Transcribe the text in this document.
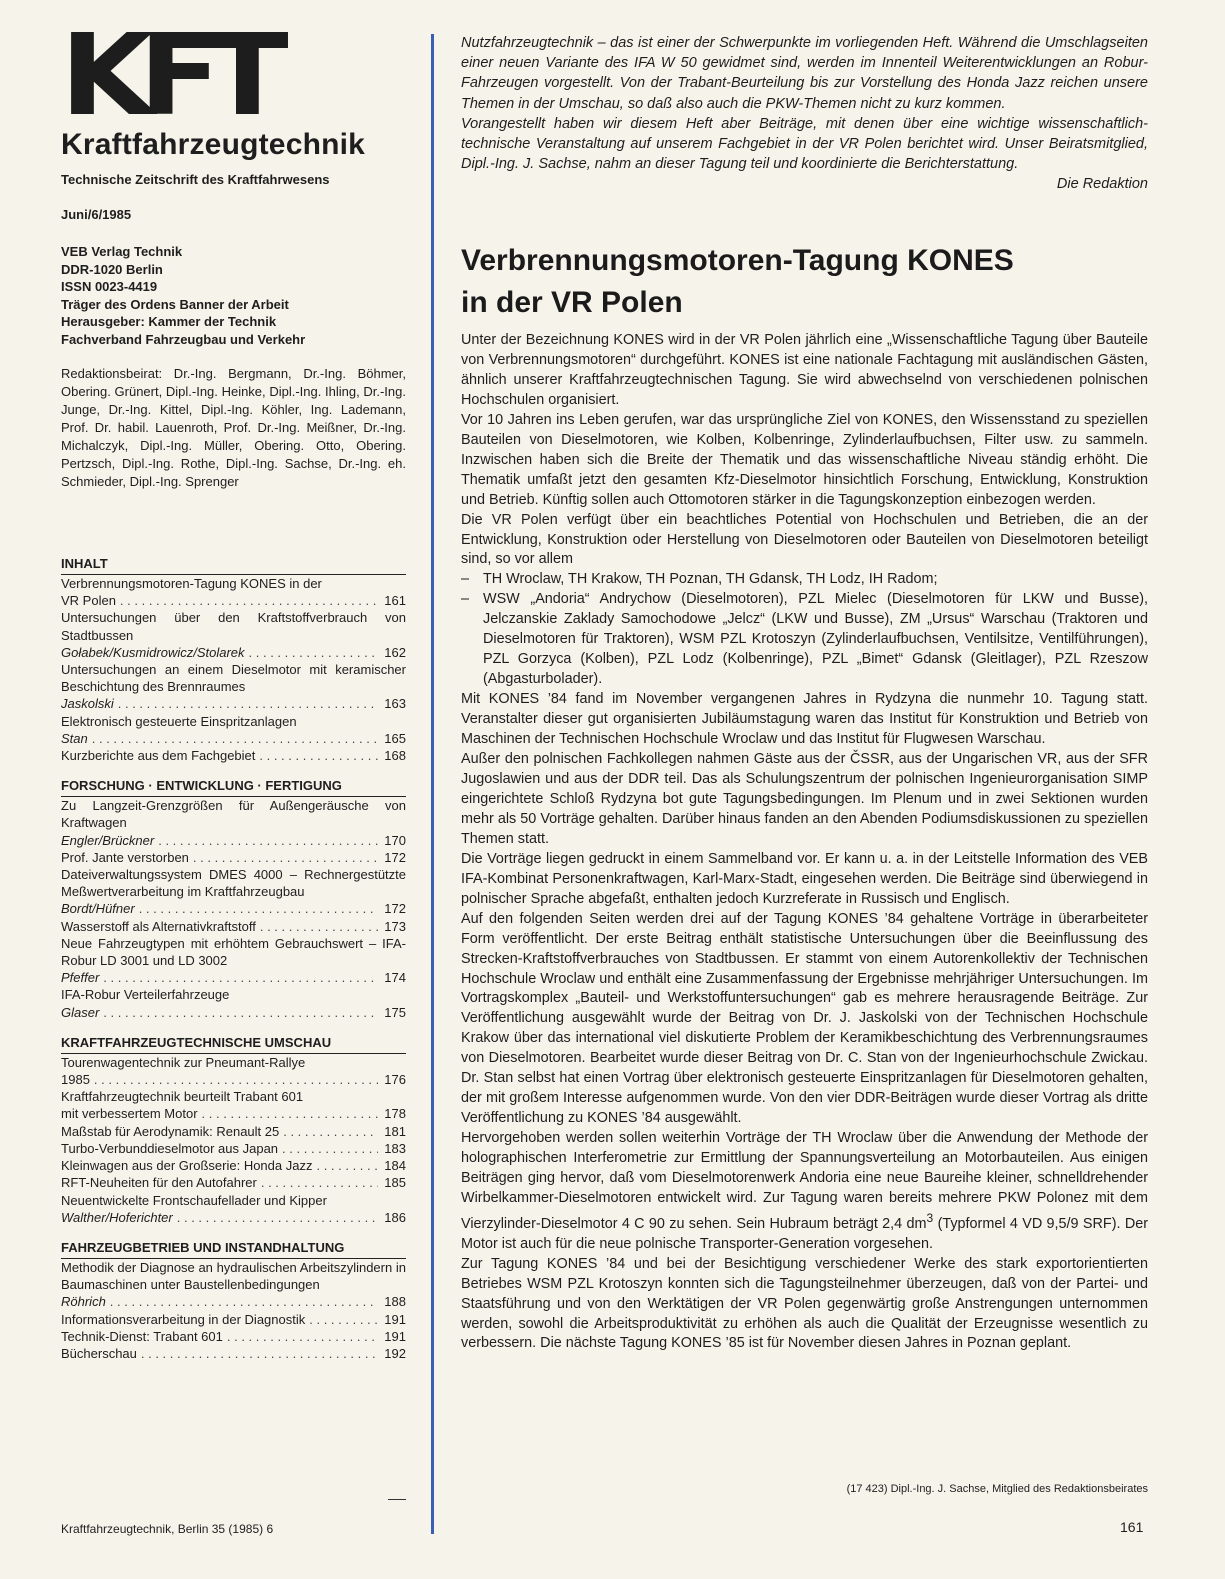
KFT
Kraftfahrzeugtechnik
Technische Zeitschrift des Kraftfahrwesens
Juni/6/1985
VEB Verlag Technik
DDR-1020 Berlin
ISSN 0023-4419
Träger des Ordens Banner der Arbeit
Herausgeber: Kammer der Technik
Fachverband Fahrzeugbau und Verkehr
Redaktionsbeirat: Dr.-Ing. Bergmann, Dr.-Ing. Böhmer, Obering. Grünert, Dipl.-Ing. Heinke, Dipl.-Ing. Ihling, Dr.-Ing. Junge, Dr.-Ing. Kittel, Dipl.-Ing. Köhler, Ing. Lademann, Prof. Dr. habil. Lauenroth, Prof. Dr.-Ing. Meißner, Dr.-Ing. Michalczyk, Dipl.-Ing. Müller, Obering. Otto, Obering. Pertzsch, Dipl.-Ing. Rothe, Dipl.-Ing. Sachse, Dr.-Ing. eh. Schmieder, Dipl.-Ing. Sprenger
INHALT
Verbrennungsmotoren-Tagung KONES in der
VR Polen . . .	161
Untersuchungen über den Kraftstoffverbrauch von Stadtbussen
Gołabek/Kusmidrowicz/Stolarek . . .	162
Untersuchungen an einem Dieselmotor mit keramischer Beschichtung des Brennraumes
Jaskolski . . .	163
Elektronisch gesteuerte Einspritzanlagen
Stan . . .	165
Kurzberichte aus dem Fachgebiet . . .	168
FORSCHUNG · ENTWICKLUNG · FERTIGUNG
Zu Langzeit-Grenzgrößen für Außengeräusche von Kraftwagen
Engler/Brückner . . .	170
Prof. Jante verstorben . . .	172
Dateiverwaltungssystem DMES 4000 – Rechnergestützte Meßwertverarbeitung im Kraftfahrzeugbau
Bordt/Hüfner . . .	172
Wasserstoff als Alternativkraftstoff . . .	173
Neue Fahrzeugtypen mit erhöhtem Gebrauchswert – IFA-Robur LD 3001 und LD 3002
Pfeffer . . .	174
IFA-Robur Verteilerfahrzeuge
Glaser . . .	175
KRAFTFAHRZEUGTECHNISCHE UMSCHAU
Tourenwagentechnik zur Pneumant-Rallye
1985 . . .	176
Kraftfahrzeugtechnik beurteilt Trabant 601
mit verbessertem Motor . . .	178
Maßstab für Aerodynamik: Renault 25 . . .	181
Turbo-Verbunddieselmotor aus Japan . . .	183
Kleinwagen aus der Großserie: Honda Jazz . . .	184
RFT-Neuheiten für den Autofahrer . . .	185
Neuentwickelte Frontschaufellader und Kipper
Walther/Hoferichter . . .	186
FAHRZEUGBETRIEB UND INSTANDHALTUNG
Methodik der Diagnose an hydraulischen Arbeitszylindern in Baumaschinen unter Baustellenbedingungen
Röhrich . . .	188
Informationsverarbeitung in der Diagnostik . . .	191
Technik-Dienst: Trabant 601 . . .	191
Bücherschau . . .	192

Nutzfahrzeugtechnik – das ist einer der Schwerpunkte im vorliegenden Heft. Während die Umschlagseiten einer neuen Variante des IFA W 50 gewidmet sind, werden im Innenteil Weiterentwicklungen an Robur-Fahrzeugen vorgestellt. Von der Trabant-Beurteilung bis zur Vorstellung des Honda Jazz reichen unsere Themen in der Umschau, so daß also auch die PKW-Themen nicht zu kurz kommen.

Vorangestellt haben wir diesem Heft aber Beiträge, mit denen über eine wichtige wissenschaftlich-technische Veranstaltung auf unserem Fachgebiet in der VR Polen berichtet wird. Unser Beiratsmitglied, Dipl.-Ing. J. Sachse, nahm an dieser Tagung teil und koordinierte die Berichterstattung.

Die Redaktion

Verbrennungsmotoren-Tagung KONES
in der VR Polen

Unter der Bezeichnung KONES wird in der VR Polen jährlich eine „Wissenschaftliche Tagung über Bauteile von Verbrennungsmotoren“ durchgeführt. KONES ist eine nationale Fachtagung mit ausländischen Gästen, ähnlich unserer Kraftfahrzeugtechnischen Tagung. Sie wird abwechselnd von verschiedenen polnischen Hochschulen organisiert.

Vor 10 Jahren ins Leben gerufen, war das ursprüngliche Ziel von KONES, den Wissensstand zu speziellen Bauteilen von Dieselmotoren, wie Kolben, Kolbenringe, Zylinderlaufbuchsen, Filter usw. zu sammeln. Inzwischen haben sich die Breite der Thematik und das wissenschaftliche Niveau ständig erhöht. Die Thematik umfaßt jetzt den gesamten Kfz-Dieselmotor hinsichtlich Forschung, Entwicklung, Konstruktion und Betrieb. Künftig sollen auch Ottomotoren stärker in die Tagungskonzeption einbezogen werden.

Die VR Polen verfügt über ein beachtliches Potential von Hochschulen und Betrieben, die an der Entwicklung, Konstruktion oder Herstellung von Dieselmotoren oder Bauteilen von Dieselmotoren beteiligt sind, so vor allem

– TH Wroclaw, TH Krakow, TH Poznan, TH Gdansk, TH Lodz, IH Radom;
– WSW „Andoria“ Andrychow (Dieselmotoren), PZL Mielec (Dieselmotoren für LKW und Busse), Jelczanskie Zaklady Samochodowe „Jelcz“ (LKW und Busse), ZM „Ursus“ Warschau (Traktoren und Dieselmotoren für Traktoren), WSM PZL Krotoszyn (Zylinderlaufbuchsen, Ventilsitze, Ventilführungen), PZL Gorzyca (Kolben), PZL Lodz (Kolbenringe), PZL „Bimet“ Gdansk (Gleitlager), PZL Rzeszow (Abgasturbolader).

Mit KONES ’84 fand im November vergangenen Jahres in Rydzyna die nunmehr 10. Tagung statt. Veranstalter dieser gut organisierten Jubiläumstagung waren das Institut für Konstruktion und Betrieb von Maschinen der Technischen Hochschule Wroclaw und das Institut für Flugwesen Warschau.

Außer den polnischen Fachkollegen nahmen Gäste aus der ČSSR, aus der Ungarischen VR, aus der SFR Jugoslawien und aus der DDR teil. Das als Schulungszentrum der polnischen Ingenieurorganisation SIMP eingerichtete Schloß Rydzyna bot gute Tagungsbedingungen. Im Plenum und in zwei Sektionen wurden mehr als 50 Vorträge gehalten. Darüber hinaus fanden an den Abenden Podiumsdiskussionen zu speziellen Themen statt.

Die Vorträge liegen gedruckt in einem Sammelband vor. Er kann u. a. in der Leitstelle Information des VEB IFA-Kombinat Personenkraftwagen, Karl-Marx-Stadt, eingesehen werden. Die Beiträge sind überwiegend in polnischer Sprache abgefaßt, enthalten jedoch Kurzreferate in Russisch und Englisch.

Auf den folgenden Seiten werden drei auf der Tagung KONES ’84 gehaltene Vorträge in überarbeiteter Form veröffentlicht. Der erste Beitrag enthält statistische Untersuchungen über die Beeinflussung des Strecken-Kraftstoffverbrauches von Stadtbussen. Er stammt von einem Autorenkollektiv der Technischen Hochschule Wroclaw und enthält eine Zusammenfassung der Ergebnisse mehrjähriger Untersuchungen. Im Vortragskomplex „Bauteil- und Werkstoffuntersuchungen“ gab es mehrere herausragende Beiträge. Zur Veröffentlichung ausgewählt wurde der Beitrag von Dr. J. Jaskolski von der Technischen Hochschule Krakow über das international viel diskutierte Problem der Keramikbeschichtung des Verbrennungsraumes von Dieselmotoren. Bearbeitet wurde dieser Beitrag von Dr. C. Stan von der Ingenieurhochschule Zwickau. Dr. Stan selbst hat einen Vortrag über elektronisch gesteuerte Einspritzanlagen für Dieselmotoren gehalten, der mit großem Interesse aufgenommen wurde. Von den vier DDR-Beiträgen wurde dieser Vortrag als dritte Veröffentlichung zu KONES ’84 ausgewählt.

Hervorgehoben werden sollen weiterhin Vorträge der TH Wroclaw über die Anwendung der Methode der holographischen Interferometrie zur Ermittlung der Spannungsverteilung an Motorbauteilen. Aus einigen Beiträgen ging hervor, daß vom Dieselmotorenwerk Andoria eine neue Baureihe kleiner, schnelldrehender Wirbelkammer-Dieselmotoren entwickelt wird. Zur Tagung waren bereits mehrere PKW Polonez mit dem Vierzylinder-Dieselmotor 4 C 90 zu sehen. Sein Hubraum beträgt 2,4 $dm^3$ (Typformel 4 VD 9,5/9 SRF). Der Motor ist auch für die neue polnische Transporter-Generation vorgesehen.

Zur Tagung KONES ’84 und bei der Besichtigung verschiedener Werke des stark exportorientierten Betriebes WSM PZL Krotoszyn konnten sich die Tagungsteilnehmer überzeugen, daß von der Partei- und Staatsführung und von den Werktätigen der VR Polen gegenwärtig große Anstrengungen unternommen werden, sowohl die Arbeitsproduktivität zu erhöhen als auch die Qualität der Erzeugnisse wesentlich zu verbessern. Die nächste Tagung KONES ’85 ist für November diesen Jahres in Poznan geplant.

(17 423) Dipl.-Ing. J. Sachse, Mitglied des Redaktionsbeirates
Kraftfahrzeugtechnik, Berlin 35 (1985) 6	161
